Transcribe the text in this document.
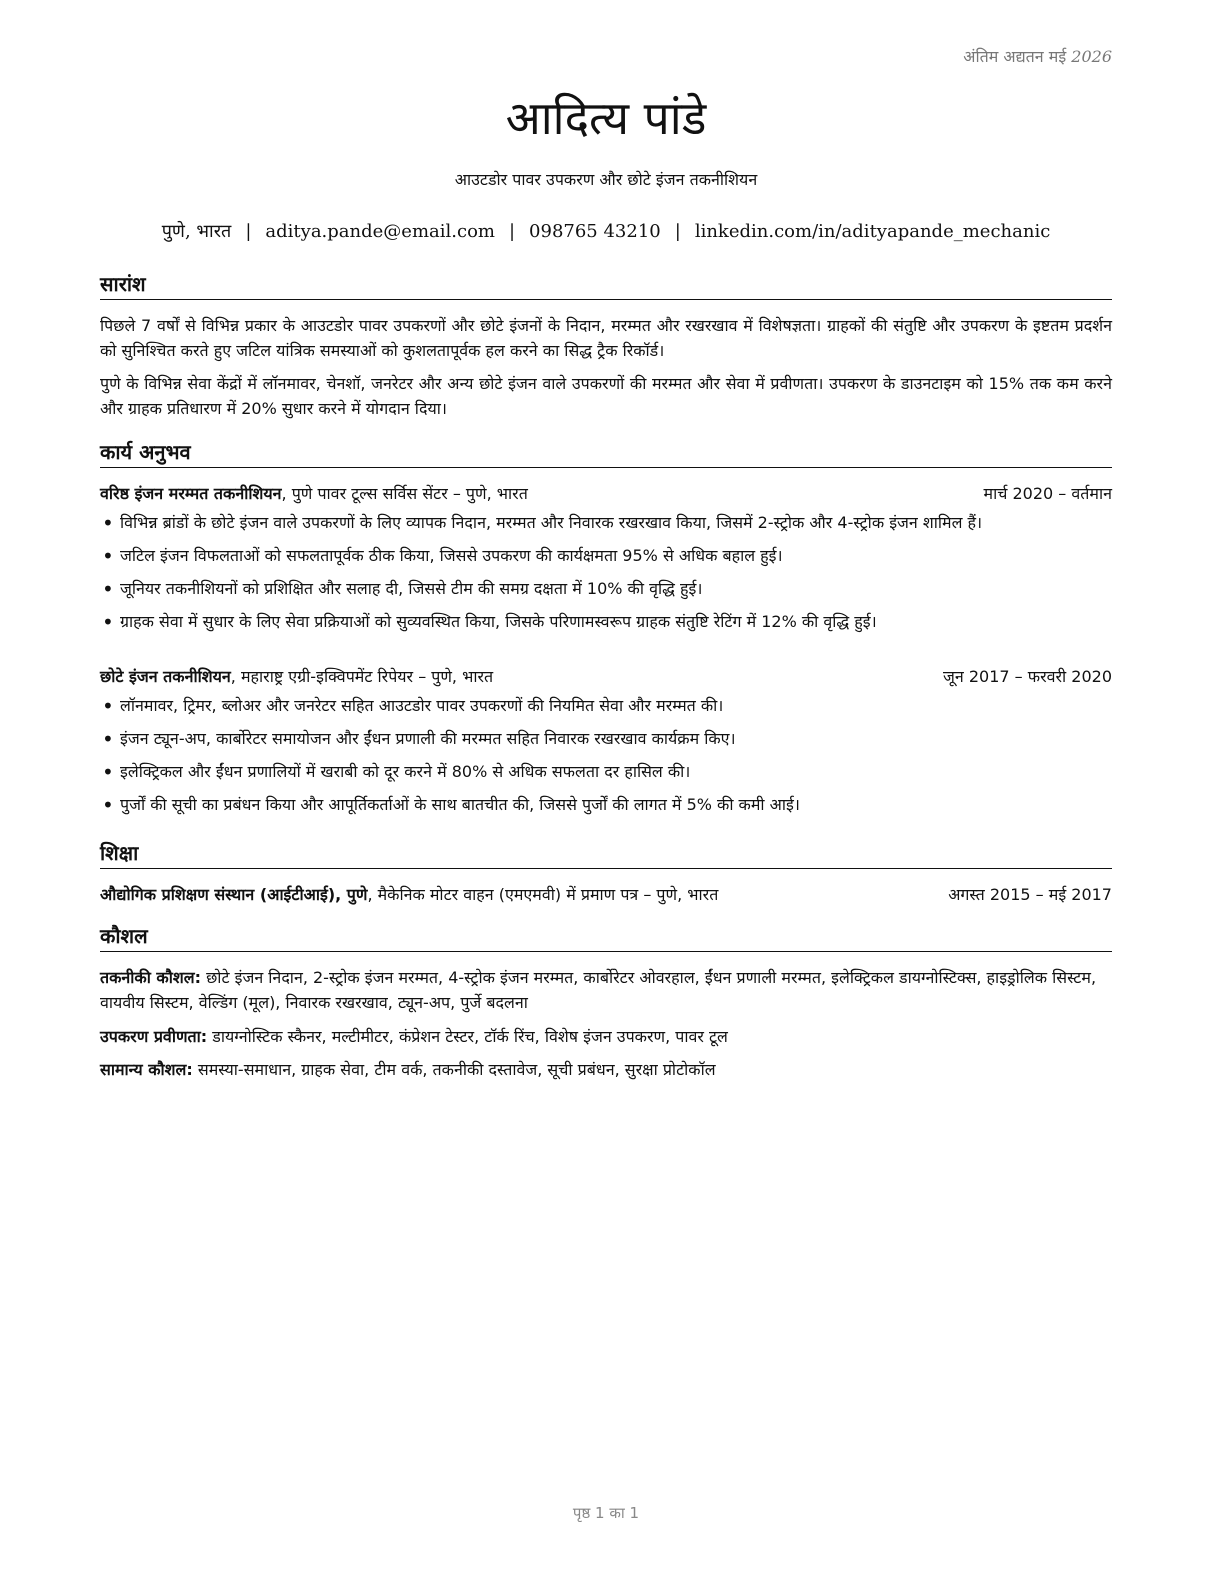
अंतिम अद्यतन मई 2026
आदित्य पांडे
आउटडोर पावर उपकरण और छोटे इंजन तकनीशियन
पुणे, भारत | aditya.pande@email.com | 098765 43210 | linkedin.com/in/adityapande_mechanic
सारांश
पिछले 7 वर्षों से विभिन्न प्रकार के आउटडोर पावर उपकरणों और छोटे इंजनों के निदान, मरम्मत और रखरखाव में विशेषज्ञता। ग्राहकों की संतुष्टि और उपकरण के इष्टतम प्रदर्शन को सुनिश्चित करते हुए जटिल यांत्रिक समस्याओं को कुशलतापूर्वक हल करने का सिद्ध ट्रैक रिकॉर्ड।
पुणे के विभिन्न सेवा केंद्रों में लॉनमावर, चेनशॉ, जनरेटर और अन्य छोटे इंजन वाले उपकरणों की मरम्मत और सेवा में प्रवीणता। उपकरण के डाउनटाइम को 15% तक कम करने और ग्राहक प्रतिधारण में 20% सुधार करने में योगदान दिया।
कार्य अनुभव
वरिष्ठ इंजन मरम्मत तकनीशियन, पुणे पावर टूल्स सर्विस सेंटर – पुणे, भारत	मार्च 2020 – वर्तमान
• विभिन्न ब्रांडों के छोटे इंजन वाले उपकरणों के लिए व्यापक निदान, मरम्मत और निवारक रखरखाव किया, जिसमें 2-स्ट्रोक और 4-स्ट्रोक इंजन शामिल हैं।
• जटिल इंजन विफलताओं को सफलतापूर्वक ठीक किया, जिससे उपकरण की कार्यक्षमता 95% से अधिक बहाल हुई।
• जूनियर तकनीशियनों को प्रशिक्षित और सलाह दी, जिससे टीम की समग्र दक्षता में 10% की वृद्धि हुई।
• ग्राहक सेवा में सुधार के लिए सेवा प्रक्रियाओं को सुव्यवस्थित किया, जिसके परिणामस्वरूप ग्राहक संतुष्टि रेटिंग में 12% की वृद्धि हुई।
छोटे इंजन तकनीशियन, महाराष्ट्र एग्री-इक्विपमेंट रिपेयर – पुणे, भारत	जून 2017 – फरवरी 2020
• लॉनमावर, ट्रिमर, ब्लोअर और जनरेटर सहित आउटडोर पावर उपकरणों की नियमित सेवा और मरम्मत की।
• इंजन ट्यून-अप, कार्बोरेटर समायोजन और ईंधन प्रणाली की मरम्मत सहित निवारक रखरखाव कार्यक्रम किए।
• इलेक्ट्रिकल और ईंधन प्रणालियों में खराबी को दूर करने में 80% से अधिक सफलता दर हासिल की।
• पुर्जों की सूची का प्रबंधन किया और आपूर्तिकर्ताओं के साथ बातचीत की, जिससे पुर्जों की लागत में 5% की कमी आई।
शिक्षा
औद्योगिक प्रशिक्षण संस्थान (आईटीआई), पुणे, मैकेनिक मोटर वाहन (एमएमवी) में प्रमाण पत्र – पुणे, भारत	अगस्त 2015 – मई 2017
कौशल
तकनीकी कौशल: छोटे इंजन निदान, 2-स्ट्रोक इंजन मरम्मत, 4-स्ट्रोक इंजन मरम्मत, कार्बोरेटर ओवरहाल, ईंधन प्रणाली मरम्मत, इलेक्ट्रिकल डायग्नोस्टिक्स, हाइड्रोलिक सिस्टम, वायवीय सिस्टम, वेल्डिंग (मूल), निवारक रखरखाव, ट्यून-अप, पुर्जे बदलना
उपकरण प्रवीणता: डायग्नोस्टिक स्कैनर, मल्टीमीटर, कंप्रेशन टेस्टर, टॉर्क रिंच, विशेष इंजन उपकरण, पावर टूल
सामान्य कौशल: समस्या-समाधान, ग्राहक सेवा, टीम वर्क, तकनीकी दस्तावेज, सूची प्रबंधन, सुरक्षा प्रोटोकॉल
पृष्ठ 1 का 1
